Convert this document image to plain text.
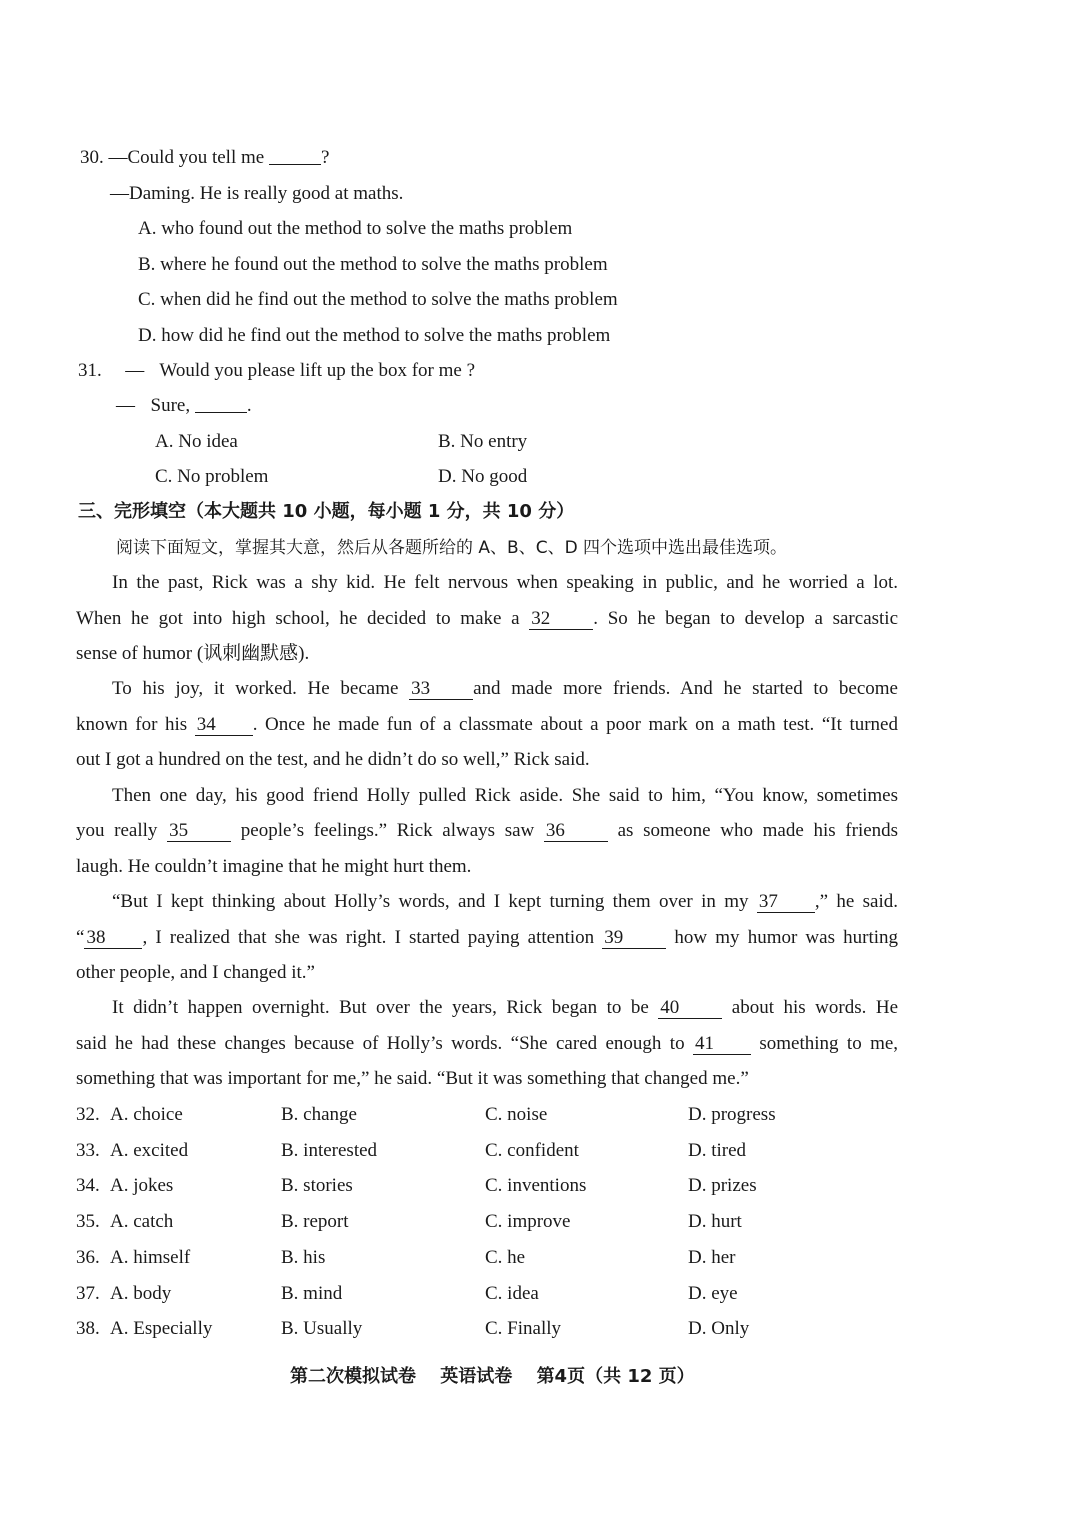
30. —Could you tell me	?
—Daming. He is really good at maths.
A. who found out the method to solve the maths problem
B. where he found out the method to solve the maths problem
C. when did he find out the method to solve the maths problem
D. how did he find out the method to solve the maths problem
31. — Would you please lift up the box for me ?
— Sure,	.
A. No idea	B. No entry
C. No problem	D. No good
三、完形填空（本大题共 10 小题，每小题 1 分，共 10 分）
阅读下面短文，掌握其大意，然后从各题所给的 A、B、C、D 四个选项中选出最佳选项。
In the past, Rick was a shy kid. He felt nervous when speaking in public, and he worried a lot.
When he got into high school, he decided to make a 32 . So he began to develop a sarcastic
sense of humor (讽刺幽默感).
To his joy, it worked. He became 33 and made more friends. And he started to become
known for his 34 . Once he made fun of a classmate about a poor mark on a math test. “It turned
out I got a hundred on the test, and he didn’t do so well,” Rick said.
Then one day, his good friend Holly pulled Rick aside. She said to him, “You know, sometimes
you really 35	people’s feelings.” Rick always saw 36	as someone who made his friends
laugh. He couldn’t imagine that he might hurt them.
“But I kept thinking about Holly’s words, and I kept turning them over in my 37 ,” he said.
“ 38 , I realized that she was right. I started paying attention 39	how my humor was hurting
other people, and I changed it.”
It didn’t happen overnight. But over the years, Rick began to be 40	about his words. He
said he had these changes because of Holly’s words. “She cared enough to 41 something to me,
something that was important for me,” he said. “But it was something that changed me.”
32. A. choice	B. change	C. noise	D. progress
33. A. excited	B. interested	C. confident	D. tired
34. A. jokes	B. stories	C. inventions	D. prizes
35. A. catch	B. report	C. improve	D. hurt
36. A. himself	B. his	C. he	D. her
37. A. body	B. mind	C. idea	D. eye
38. A. Especially	B. Usually	C. Finally	D. Only
第二次模拟试卷 英语试卷 第4页（共 12 页）
